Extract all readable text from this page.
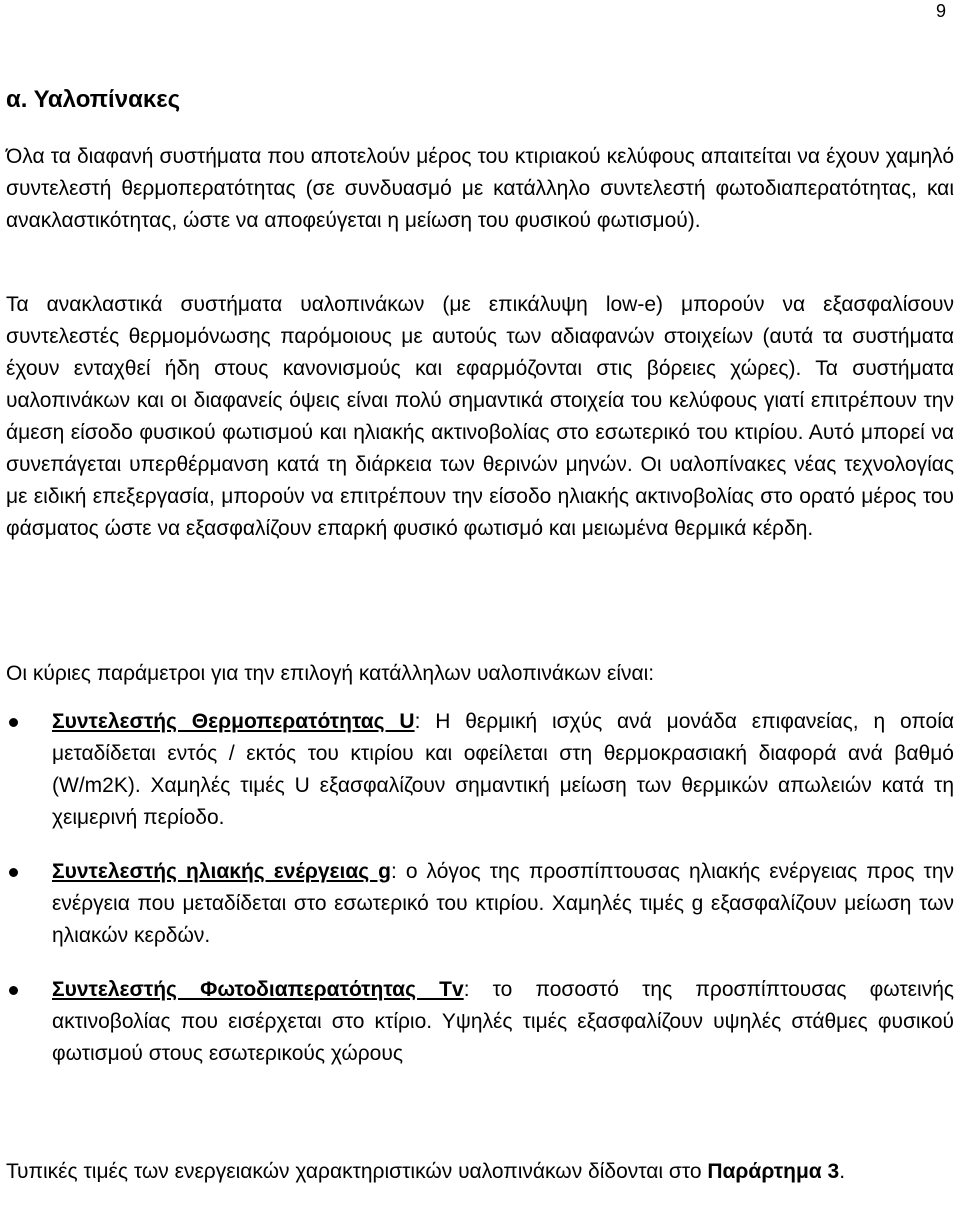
9
α. Υαλοπίνακες

Όλα τα διαφανή συστήματα που αποτελούν μέρος του κτιριακού κελύφους απαιτείται να έχουν χαμηλό συντελεστή θερμοπερατότητας (σε συνδυασμό με κατάλληλο συντελεστή φωτοδιαπερατότητας, και ανακλαστικότητας, ώστε να αποφεύγεται η μείωση του φυσικού φωτισμού).

Τα ανακλαστικά συστήματα υαλοπινάκων (με επικάλυψη low-e) μπορούν να εξασφαλίσουν συντελεστές θερμομόνωσης παρόμοιους με αυτούς των αδιαφανών στοιχείων (αυτά τα συστήματα έχουν ενταχθεί ήδη στους κανονισμούς και εφαρμόζονται στις βόρειες χώρες). Τα συστήματα υαλοπινάκων και οι διαφανείς όψεις είναι πολύ σημαντικά στοιχεία του κελύφους γιατί επιτρέπουν την άμεση είσοδο φυσικού φωτισμού και ηλιακής ακτινοβολίας στο εσωτερικό του κτιρίου. Αυτό μπορεί να συνεπάγεται υπερθέρμανση κατά τη διάρκεια των θερινών μηνών. Οι υαλοπίνακες νέας τεχνολογίας με ειδική επεξεργασία, μπορούν να επιτρέπουν την είσοδο ηλιακής ακτινοβολίας στο ορατό μέρος του φάσματος ώστε να εξασφαλίζουν επαρκή φυσικό φωτισμό και μειωμένα θερμικά κέρδη.

Οι κύριες παράμετροι για την επιλογή κατάλληλων υαλοπινάκων είναι:

Συντελεστής Θερμοπερατότητας U: Η θερμική ισχύς ανά μονάδα επιφανείας, η οποία μεταδίδεται εντός / εκτός του κτιρίου και οφείλεται στη θερμοκρασιακή διαφορά ανά βαθμό (W/m2K). Χαμηλές τιμές U εξασφαλίζουν σημαντική μείωση των θερμικών απωλειών κατά τη χειμερινή περίοδο.
Συντελεστής ηλιακής ενέργειας g: ο λόγος της προσπίπτουσας ηλιακής ενέργειας προς την ενέργεια που μεταδίδεται στο εσωτερικό του κτιρίου. Χαμηλές τιμές g εξασφαλίζουν μείωση των ηλιακών κερδών.
Συντελεστής Φωτοδιαπερατότητας Tv: το ποσοστό της προσπίπτουσας φωτεινής ακτινοβολίας που εισέρχεται στο κτίριο. Υψηλές τιμές εξασφαλίζουν υψηλές στάθμες φυσικού φωτισμού στους εσωτερικούς χώρους

Τυπικές τιμές των ενεργειακών χαρακτηριστικών υαλοπινάκων δίδονται στο Παράρτημα 3.
